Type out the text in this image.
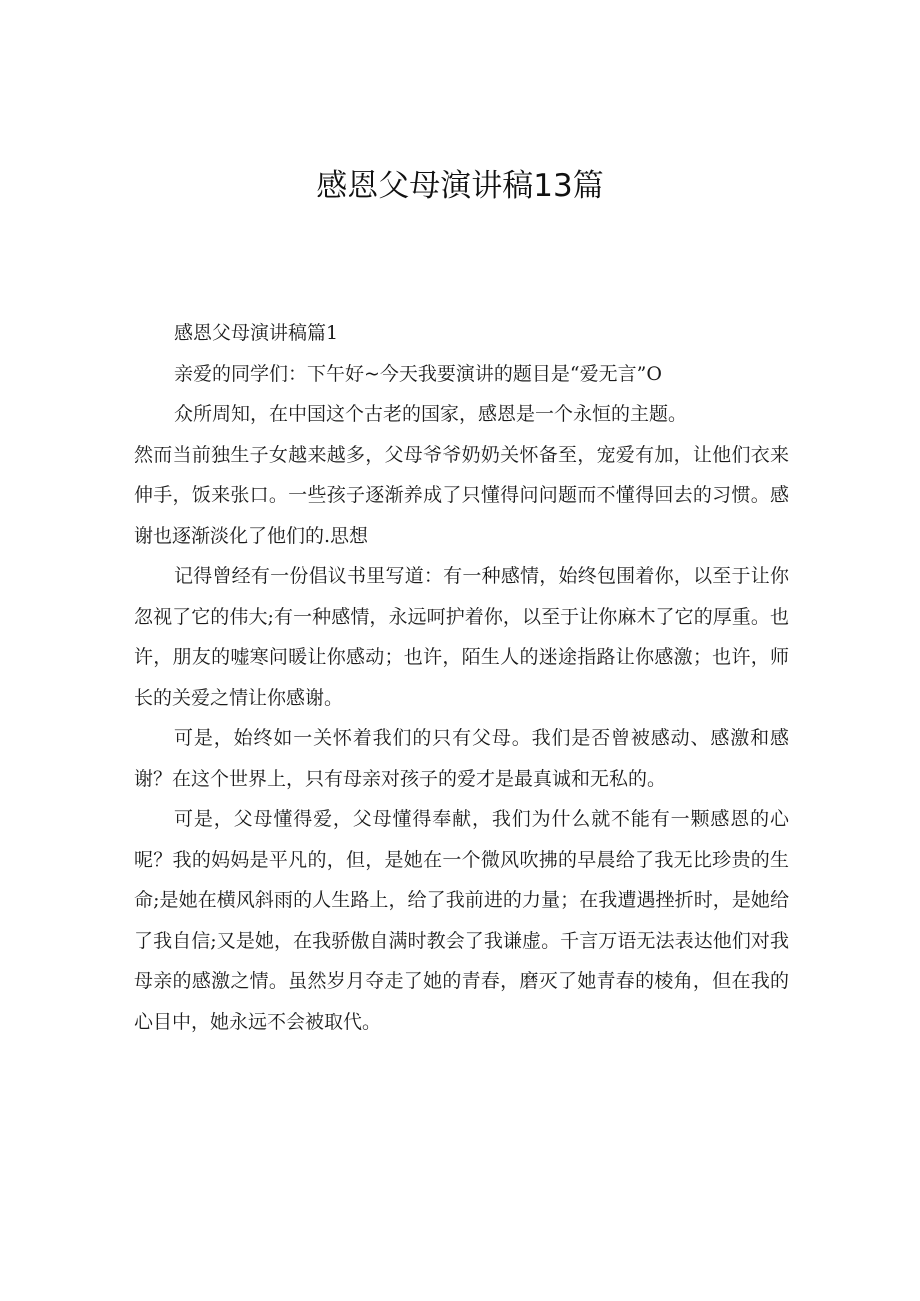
感恩父母演讲稿13篇

感恩父母演讲稿篇1

亲爱的同学们：下午好~今天我要演讲的题目是“爱无言”O

众所周知，在中国这个古老的国家，感恩是一个永恒的主题。

然而当前独生子女越来越多，父母爷爷奶奶关怀备至，宠爱有加，让他们衣来伸手，饭来张口。一些孩子逐渐养成了只懂得问问题而不懂得回去的习惯。感谢也逐渐淡化了他们的.思想

记得曾经有一份倡议书里写道：有一种感情，始终包围着你，以至于让你忽视了它的伟大;有一种感情，永远呵护着你，以至于让你麻木了它的厚重。也许，朋友的嘘寒问暖让你感动；也许，陌生人的迷途指路让你感激；也许，师长的关爱之情让你感谢。

可是，始终如一关怀着我们的只有父母。我们是否曾被感动、感激和感谢？在这个世界上，只有母亲对孩子的爱才是最真诚和无私的。

可是，父母懂得爱，父母懂得奉献，我们为什么就不能有一颗感恩的心呢？我的妈妈是平凡的，但，是她在一个微风吹拂的早晨给了我无比珍贵的生命;是她在横风斜雨的人生路上，给了我前进的力量；在我遭遇挫折时，是她给了我自信;又是她，在我骄傲自满时教会了我谦虚。千言万语无法表达他们对我母亲的感激之情。虽然岁月夺走了她的青春，磨灭了她青春的棱角，但在我的心目中，她永远不会被取代。
